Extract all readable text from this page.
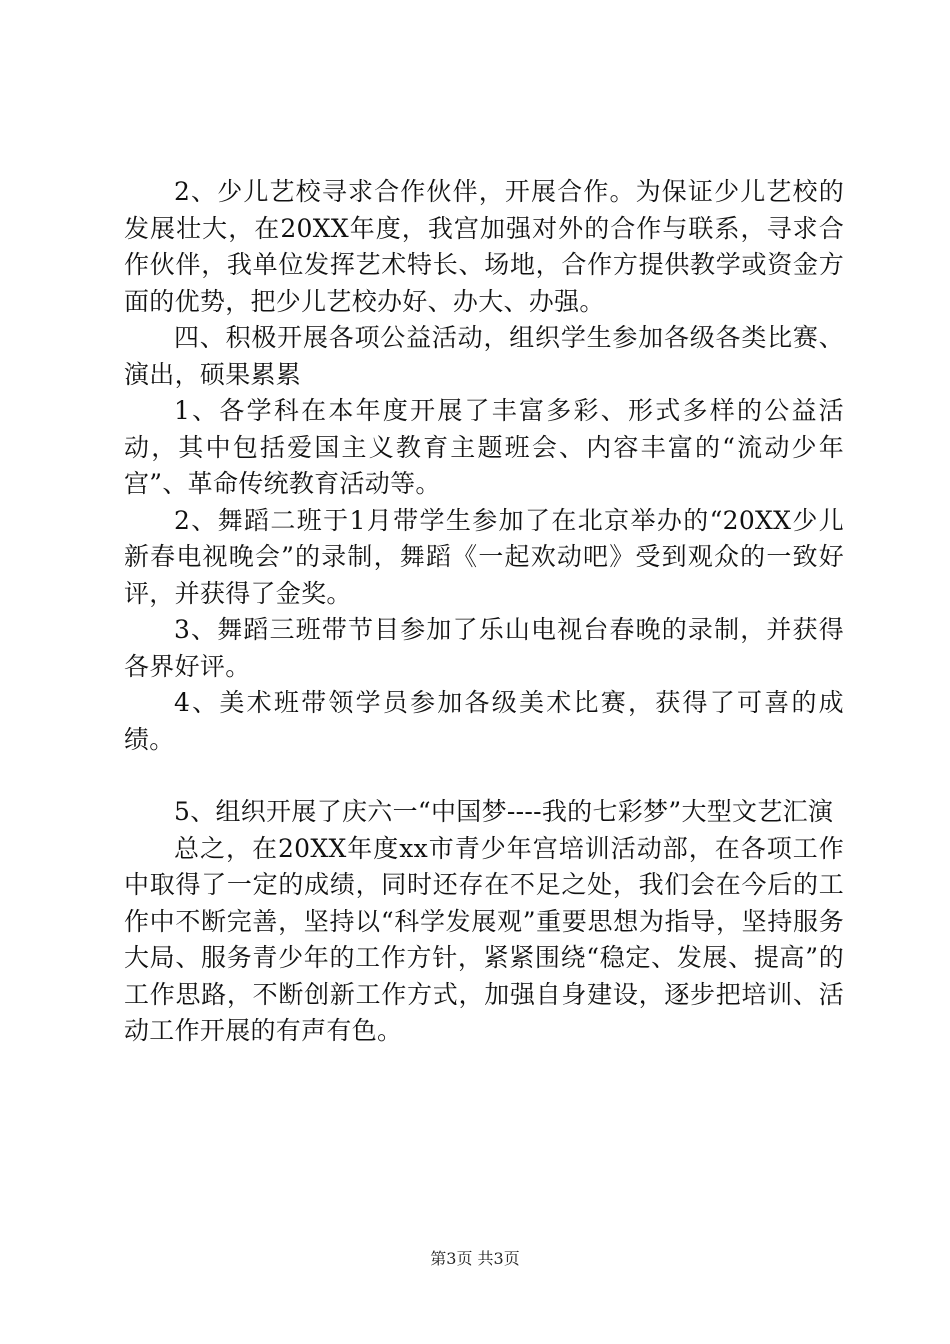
2、少儿艺校寻求合作伙伴，开展合作。为保证少儿艺校的发展壮大，在20XX年度，我宫加强对外的合作与联系，寻求合作伙伴，我单位发挥艺术特长、场地，合作方提供教学或资金方面的优势，把少儿艺校办好、办大、办强。

四、积极开展各项公益活动，组织学生参加各级各类比赛、演出，硕果累累

1、各学科在本年度开展了丰富多彩、形式多样的公益活动，其中包括爱国主义教育主题班会、内容丰富的“流动少年宫”、革命传统教育活动等。

2、舞蹈二班于1月带学生参加了在北京举办的“20XX少儿新春电视晚会”的录制，舞蹈《一起欢动吧》受到观众的一致好评，并获得了金奖。

3、舞蹈三班带节目参加了乐山电视台春晚的录制，并获得各界好评。

4、美术班带领学员参加各级美术比赛，获得了可喜的成绩。

5、组织开展了庆六一“中国梦----我的七彩梦”大型文艺汇演

总之，在20XX年度xx市青少年宫培训活动部，在各项工作中取得了一定的成绩，同时还存在不足之处，我们会在今后的工作中不断完善，坚持以“科学发展观”重要思想为指导，坚持服务大局、服务青少年的工作方针，紧紧围绕“稳定、发展、提高”的工作思路，不断创新工作方式，加强自身建设，逐步把培训、活动工作开展的有声有色。

第3页 共3页
